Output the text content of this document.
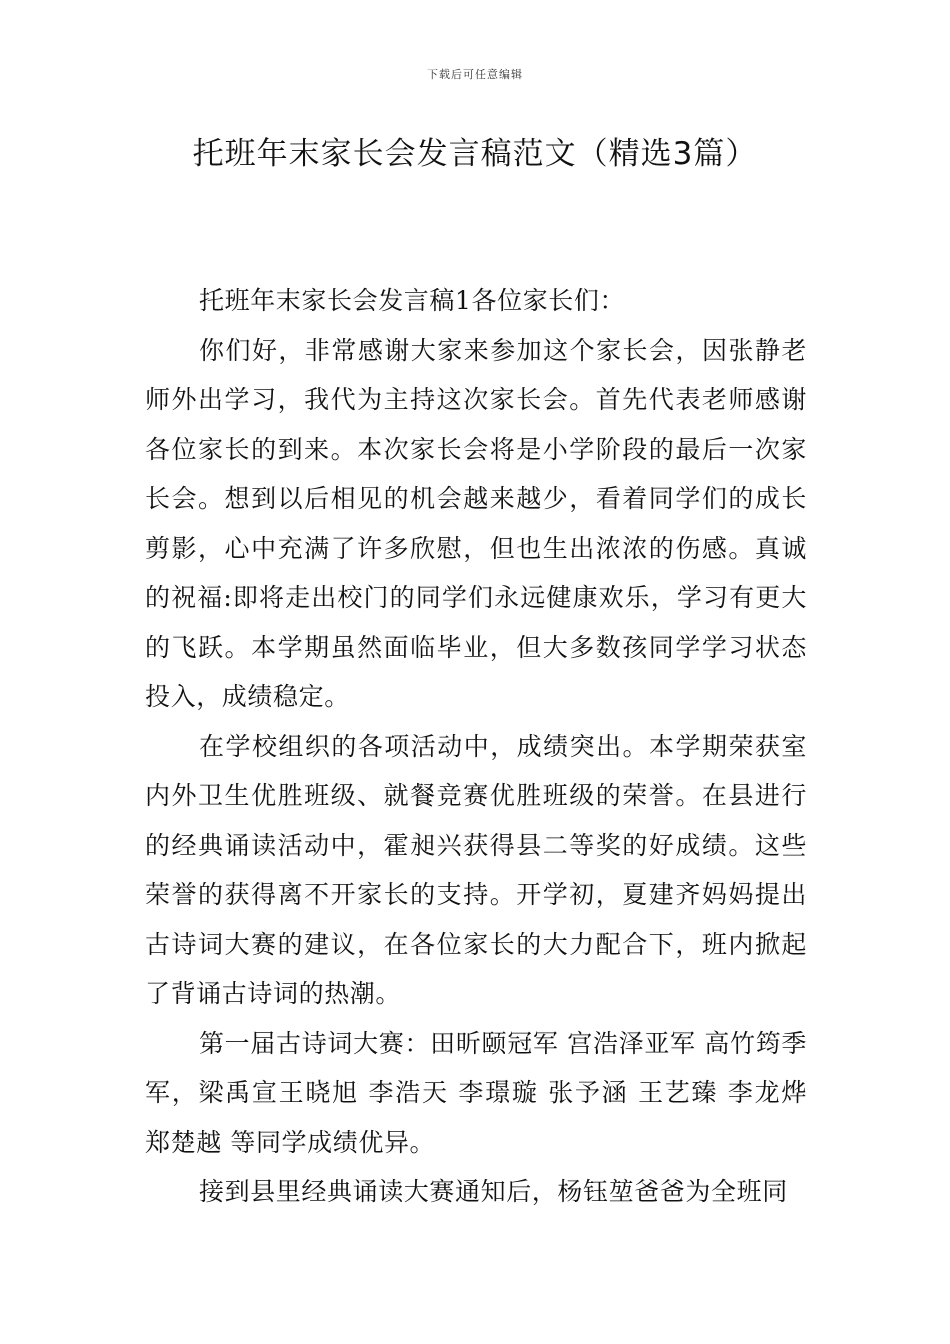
下载后可任意编辑
托班年末家长会发言稿范文（精选3篇）

托班年末家长会发言稿1各位家长们：

你们好，非常感谢大家来参加这个家长会，因张静老师外出学习，我代为主持这次家长会。首先代表老师感谢各位家长的到来。本次家长会将是小学阶段的最后一次家长会。想到以后相见的机会越来越少，看着同学们的成长剪影，心中充满了许多欣慰，但也生出浓浓的伤感。真诚的祝福:即将走出校门的同学们永远健康欢乐，学习有更大的飞跃。本学期虽然面临毕业，但大多数孩同学学习状态投入，成绩稳定。

在学校组织的各项活动中，成绩突出。本学期荣获室内外卫生优胜班级、就餐竞赛优胜班级的荣誉。在县进行的经典诵读活动中，霍昶兴获得县二等奖的好成绩。这些荣誉的获得离不开家长的支持。开学初，夏建齐妈妈提出古诗词大赛的建议，在各位家长的大力配合下，班内掀起了背诵古诗词的热潮。

第一届古诗词大赛：田昕颐冠军 宫浩泽亚军 高竹筠季军，梁禹宣王晓旭 李浩天 李璟璇 张予涵 王艺臻 李龙烨 郑楚越 等同学成绩优异。

接到县里经典诵读大赛通知后，杨钰堃爸爸为全班同
